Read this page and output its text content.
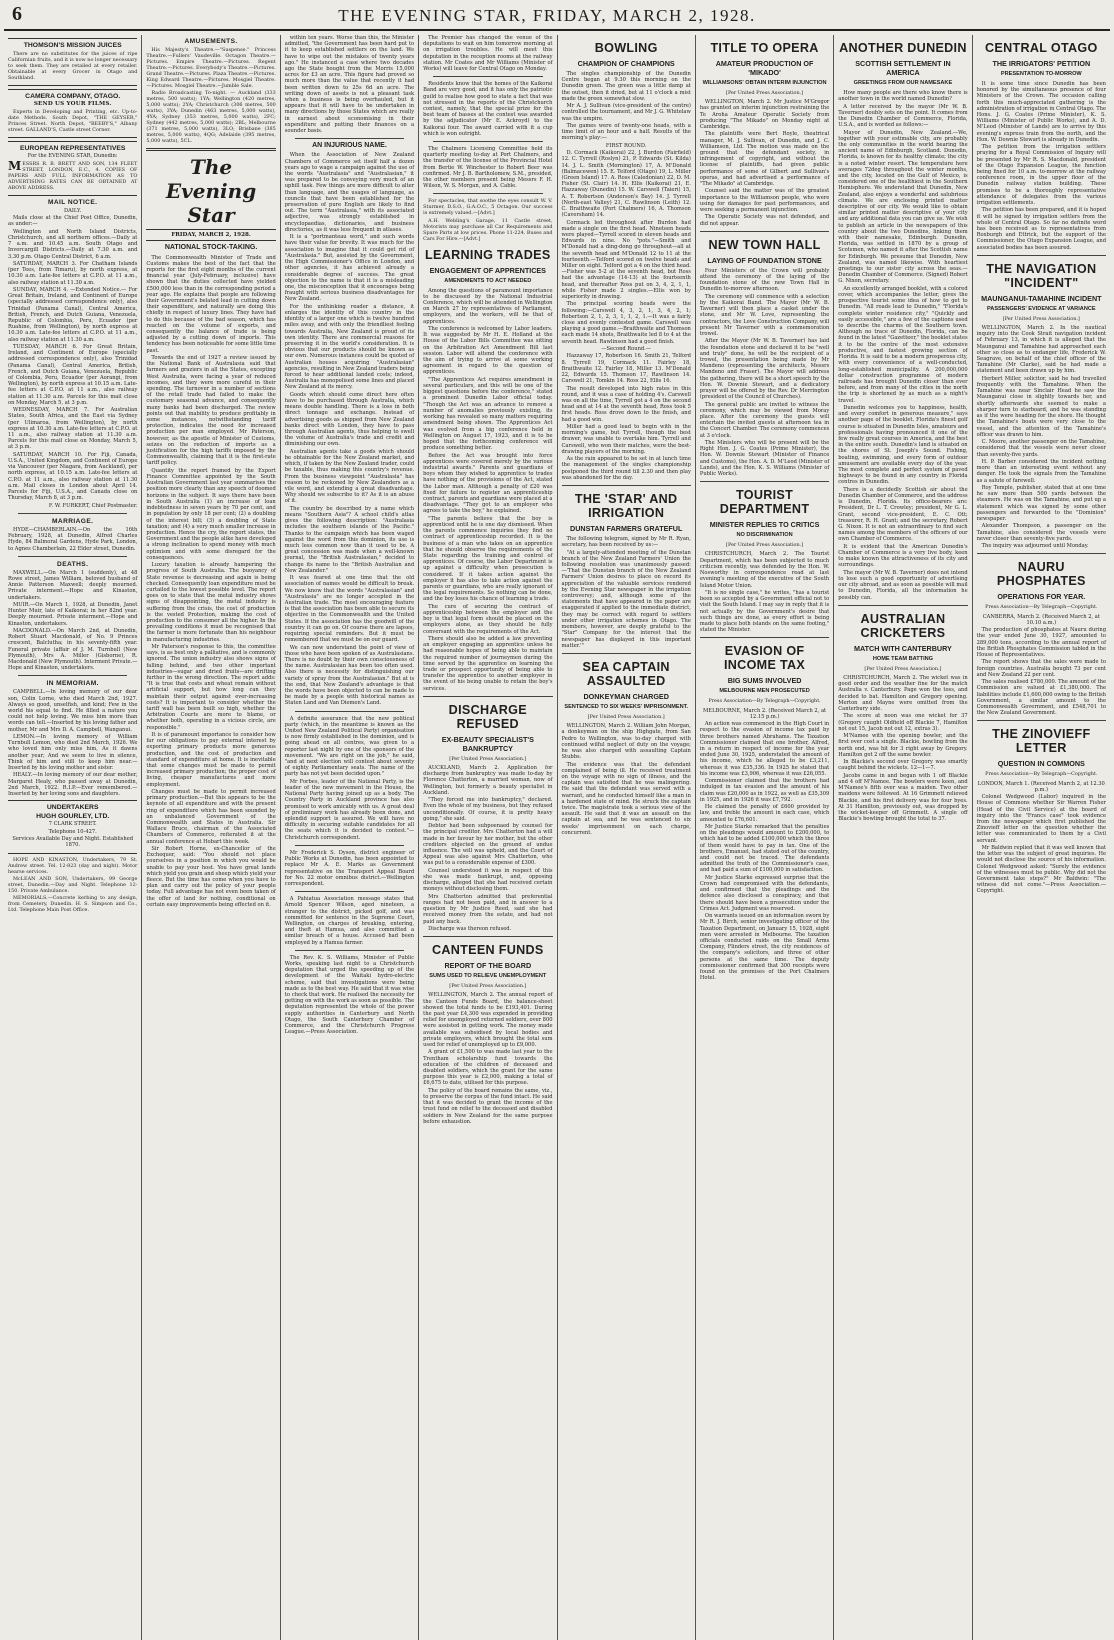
6	THE EVENING STAR, FRIDAY, MARCH 2, 1928.
THOMSON'S MISSION JUICES

There are no substitutes for the juices of ripe Californian fruits, and it is now no longer necessary to seek them. They are retailed at every retailer. Obtainable at every Grocer in Otago and Southland.

CAMERA COMPANY, OTAGO.

SEND US YOUR FILMS.

Experts in Developing and Printing, etc. Up-to-date Methods. South Depot, "THE GEYSER," Princes Street. North Depot, "BEEBY'S," Albany street. GALLAND'S, Castle street Corner.

EUROPEAN REPRESENTATIVES

For the EVENING STAR, Dunedin:

MESSRS R. B. BRETT AND SON, 134 FLEET STREET, LONDON, E.C., 4. COPIES OF PAPERS AND FULL INFORMATION AS TO ADVERTISING RATES CAN BE OBTAINED AT ABOVE ADDRESS.

MAIL NOTICE.

DAILY.

Mails close at the Chief Post Office, Dunedin, as under:—

Wellington and North Island Districts, Christchurch, and all northern offices.—Daily at 7 a.m. and 10.45 a.m. South Otago and Invercargill Districts.—Daily at 7.30 a.m. and 3.30 p.m. Otago Central District, 6 a.m.

SATURDAY, MARCH 3. For Chatham Islands (per Tees, from Timaru), by north express, at 10.30 a.m. Late-fee letters at C.P.O. at 11 a.m., also railway station at 11.30 a.m.

SUNDAY, MARCH 4. —Extended Notice.— For Great Britain, Ireland, and Continent of Europe (specially addressed correspondence only), also Trinidad (Panama Canal), Central America, British, French, and Dutch Guiana, Venezuela, Republic of Colombia, Peru, Ecuador (per Ruahine, from Wellington), by north express at 10.30 a.m. Late-fee letters at C.P.O. at 11 a.m., also railway station at 11.30 a.m.

TUESDAY, MARCH 6. For Great Britain, Ireland, and Continent of Europe (specially addressed correspondence only), also Trinidad (Panama Canal), Central America, British, French, and Dutch Guiana, Venezuela, Republic of Colombia, Peru, Ecuador (per Aorangi, from Wellington), by north express at 10.15 a.m. Late-fee letters at C.P.O. at 11 a.m., also railway station at 11.30 a.m. Parcels for this mail close on Monday, March 5, at 3 p.m.

WEDNESDAY, MARCH 7. For Australian States, South Africa, and the East via Sydney (per Ulimaroa, from Wellington), by north express at 10.30 a.m. Late-fee letters at C.P.O. at 11 a.m., also railway station at 11.30 a.m. Parcels for this mail close on Monday, March 5, at 3 p.m.

SATURDAY, MARCH 10. For Fiji, Canada, U.S.A., United Kingdom, and Continent of Europe via Vancouver (per Niagara, from Auckland), per north express, at 10.15 a.m. Late-fee letters at C.P.O. at 11 a.m., also railway station at 11.30 a.m. Mail closes in London about April 14. Parcels for Fiji, U.S.A., and Canada close on Thursday, March 8, at 3 p.m.

F. W. FURKERT, Chief Postmaster.

MARRIAGE.

HYDE—CHAMBERLAIN.—On the 16th February, 1928, at Dunedin, Alfred Charles Hyde, 84 Balmoral Gardens, Hyde Park, London, to Agnes Chamberlain, 22 Elder street, Dunedin.

DEATHS.

MAXWELL.—On March 1 (suddenly), at 48 Rowe street, James William, beloved husband of Annie Patterson Maxwell; deeply mourned. Private interment.—Hope and Kinaston, undertakers.

MUIR.—On March 1, 1928, at Dunedin, Janet Hunter Muir, late of Kaikorai; in her 82nd year. Deeply mourned. Private interment.—Hope and Kinaston, undertakers.

MACDONALD.—On March 2nd, at Dunedin, Robert Stuart Macdonald, of No. 9 Princes crescent, Balclutha; in his seventy-fifth year. Funeral private (affair of J. M. Turnbull (New Plymouth), Mrs A. Miller (Gisborne), R. Macdonald (New Plymouth). Interment Private.—Hope and Kinaston, undertakers.

IN MEMORIAM.

CAMPBELL.—In loving memory of our dear son, Colin Lorne, who died March 2nd, 1927. Always so good, unselfish, and kind; Few in the world his equal to find. He filled a nature you could not help loving. We miss him more than words can tell.—Inserted by his loving father and mother, Mr and Mrs D. A. Campbell, Wanganui.

LEMON.—In loving memory of William Turnbull Lemon, who died 2nd March, 1926. We who loved him only miss him, As it dawns another year; And we seem to live in silence, Think of him and still to keep him near.—Inserted by his loving mother and sister.

HEALY.—In loving memory of our dear mother, Margaret Healy, who passed away at Dunedin, 2nd March, 1922. R.I.P.—Ever remembered.—Inserted by her loving sons and daughters.

UNDERTAKERS
HUGH GOURLEY, LTD.

7 CLARK STREET.

Telephone 10-427.

Services Available Day and Night. Established 1870.

HOPE AND KINASTON, Undertakers, 79 St. Andrew street. Tel. 12-823 (day and night). Motor hearse services.

McLEAN AND SON, Undertakers, 99 George street, Dunedin.—Day and Night. Telephone 12-150. Private Ambulance.

MEMORIALS.—Concrete kerbing to any design, from Cemetery, Dunedin. H. S. Simpson and Co., Ltd. Telephone Main Post Office.

AMUSEMENTS.

His Majesty's Theatre.—"Suspense." Princess Theatre.—Fullers' Vaudeville. Octagon Theatre.—Pictures. Empire Theatre.—Pictures. Regent Theatre.—Pictures. Everybody's Theatre.—Pictures. Grand Theatre.—Pictures. Plaza Theatre.—Pictures. King Edward Theatre.—Pictures. Mosgiel Theatre.—Pictures. Mosgiel Theatre.—Jumble Sale.

Radio Broadcasting To-night. — Auckland (333 metres, 500 watts); 1YA; Wellington (420 metres, 5,000 watts); 2YA; Christchurch (306 metres, 500 watts), 3YA; Dunedin (463 metres, 5,000 watts), 4YA; Sydney (353 metres, 5,000 watts), 2FC; Sydney (442 metres, 5,000 watts); 2BL; Melbourne (371 metres, 5,000 watts), 3LO; Brisbane (385 metres, 5,000 watts), 4QG; Adelaide (395 metres, 5,000 watts), 5CL.

The Evening Star
FRIDAY, MARCH 2, 1928.
NATIONAL STOCK-TAKING.

The Commonwealth Minister of Trade and Customs makes the best of the fact that the reports for the first eight months of the current financial year (July-February, inclusive) have shown that the duties collected have yielded £500,000 less than in the corresponding period a year ago. He explains that people are following their Government's belated lead in cutting down their expenditure, and naturally are doing this chiefly in respect of luxury lines. They have had to do this because of the bad season, which has reacted on the volume of exports, and consequently the balance of trade is being adjusted by a cutting down of imports. This tendency has been noticeable for some little time past.

Towards the end of 1927 a review issued by the National Bank of Australasia said that farmers and graziers in all the States, excepting West Australia, were facing a year of reduced incomes, and they were more careful in their spending. The turnover in a number of sections of the retail trade had failed to make the customary seasonal advance, and consequently many banks had been discharged. The review points out that inability to produce profitably in some instances, notwithstanding tariff protection, indicates the need for increased production per man employed. Mr Paterson, however, as the apostle of Minister of Customs, seizes on the reduction of imports as a justification for the high tariffs imposed by the Commonwealth, claiming that it is the first-rate tariff policy.

Quantity the report framed by the Export Finance Committee appointed by the South Australian Government last year summarises the position more clearly than any speech of doomed horizons in the subject. It says there have been in South Australia (1) an increase of loan indebtedness in seven years by 70 per cent, and in population by only 18 per cent; (2) a doubling of the interest bill; (3) a doubling of State taxation; and (4) a very much smaller increase in production. Hence the cry, the report states, the Government and the people alike have developed a strong inclination to spend money with much optimism and with some disregard for the consequences.

Luxury taxation is already hampering the progress of South Australia. The buoyancy of State revenue is decreasing and again is being checked. Consequently loan expenditure must be curtailed to the lowest possible level. The report goes on to state that the metal industry shows signs of disappointing, the metal industry is suffering from the crisis, the cost of production is the vested Protection, making the cost of production to the consumer all the higher. In the prevailing conditions it must be recognised that the farmer is more fortunate than his neighbour in manufacturing industries.

Mr Paterson's response to this, the committee says, is as best only a palliative, and is commonly ignored. The union industry also shows signs of falling behind, and two other important industries—sugar and dried fruits—are drifting further in the wrong direction. The report adds: "It is true that costs and wheat remain without artificial support, but how long can they maintain their output against ever-increasing costs? It is important to consider whether the tariff wall has been built so high, whether the Arbitration Courts are more to blame, or whether both, operating in a vicious circle, are responsible."

It is of paramount importance to consider how far our obligations to pay external interest by exporting primary products more generous production, and the cost of production and standard of expenditure at home. It is inevitable that some changes must be made to permit increased primary production; the proper cost of living, cheaper manufactures and more employment.

Changes must be made to permit increased primary production.—But this appears to be the keynote of all expenditure and with the present ring of expenditure which has been sounded by an unbalanced Government of the Commonwealth and States in Australia. Sir Wallace Bruce, chairman of the Associated Chambers of Commerce, reiterated it at the annual conference at Hobart this week.

Sir Robert Horne, ex-Chancellor of the Exchequer, said: "You should not place yourselves in a position in which you would be unable to pay your host. You have great lands which yield you grain and sheep which yield your fleece. But the time has come when you have to plan and carry out the policy of your people today. Full advantage has not even been taken of the offer of land for nothing, conditional on certain easy improvements being effected on it.

within ten years. Worse than this, the Minister admitted, "the Government has been hard put to it to keep established settlers on the land. We have to wipe out the mistakes of twenty years ago." He instanced a case where two decades ago the State bought from the Morris 15,000 acres for £3 an acre. This figure had proved so much more than the value that recently it had been written down to 25s 6d an acre. The writing down of assets is not a pleasant task when a business is being overhauled, but it appears that it will have to be undertaken in many directions by those States which are really in earnest about economising in their expenditure and putting their finances on a sounder basis.

AN INJURIOUS NAME.

When the Association of New Zealand Chambers of Commerce set itself half a dozen years ago to wage a campaign against the use of the words "Australasia" and "Australasian," it was prepared to be conveying very much of an uphill task. Few things are more difficult to alter than language, and the usages of language, as councils that have been established for the preservation of pure English are likely to find out. The term "Australasia," with its associated adjective, was strongly established in encyclopaedias, dictionaries, and business directories, as it was less frequent in atlases.

It is a "portmanteau word," and such words have their value for brevity. It was much for the association to imagine that it could get rid of "Australasia." But, assisted by the Government, the High Commissioner's Office in London, and other agencies, it has achieved already a considerable degree of success. The great objection to the name is that it is a misleading one, the misconception that it encourages being fraught with serious business disadvantages for New Zealand.

For the unthinking reader a distance, it enlarges the identity of this country in the identity of a larger one which is twelve hundred miles away, and with only the friendliest feeling towards Australia, New Zealand is proud of its own identity. There are commercial reasons for preserving it in the world's consideration. It is obvious that our products should be known as our own. Numerous instances could be quoted of Australian houses acquiring "Australasian" agencies, resulting in New Zealand traders being forced to hear additional landed costs; indeed, Australia has monopolised some lines and placed New Zealand at its mercy.

Goods which should come direct here often have to be purchased through Australia, which means double handling. There is a loss in both direct tonnage and exchange. Instead of advertising goods as shipped from New Zealand banks direct with London, they have to pass through Australian agents, thus helping to swell the volume of Australia's trade and credit and diminishing our own.

Australian agents take a goods which should be obtainable for the New Zealand market, and which, if taken by the New Zealand trader, could be taxable, thus making this country's revenue. From the business viewpoint "Australasia" has reason to be reckoned by New Zealanders as a vile word, and extending a great disadvantage. Why should we subscribe to it? As it is an abuse of it.

The country be described by a name which means "Southern Asia"? A school child's atlas gives the following description: "Australasia includes the southern islands of the Pacific." Thanks to the campaign which has been waged against the word from this dominion, its use is much less common now than it used to be. A great concession was made when a well-known journal, the "British Australasian," decided to change its name to the "British Australian and New Zealander."

It was feared at one time that the old association of names would be difficult to break. We now know that the words "Australasian" and "Australasia" are no longer accepted in the Australian trade. The most encouraging feature is that the association has been able to secure its objective in the Commonwealth and the United States. If the association has the goodwill of the country it can go on. Of course there are lapses, requiring special reminders. But it must be remembered that we must be on our guard.

We can now understand the point of view of those who have been spoken of as Australasians. There is no doubt by their own consciousness of the name. Australasian has been too often used. Also there is necessity for distinguishing our variety of spray from the Australasian." But at is the end, that New Zealand's advantage is that the words have been objected to can be made to be made by a people with historical names as Staten Land and Van Diemen's Land.

A definite assurance that the new political party (which, in the meantime is known as the United New Zealand Political Party) organisation is now firmly established in the dominion, and is going ahead on all centres, was given to a reporter last night by one of the sponsors of the movement. "We are right on the job," he said, "and at next election will contest about seventy of eighty Parliamentary seats. The name of the party has not yet been decided upon."

Mr Forbes, leader of the National Party, is the leader of the new movement in the House, the National Party having joined up as a body. The Country Party in Auckland province has also promised to work amicably with us. A great deal of preliminary work has already been done, and splendid support is assured. We will have no difficulty in securing suitable candidates for all the seats which it is decided to contest."—Christchurch correspondent.

Mr Frederick S. Dyson, district engineer of Public Works at Dunedin, has been appointed to replace Mr A. E. Marks as Government representative on the Transport Appeal Board for No. 22 motor omnibus district.—Wellington correspondent.

A Pahiatua Association message states that Arnold Spencer Wilson, aged nineteen, a stranger to the district, picked golf, and was committed for sentence in the Supreme Court, Wellington, on charges of breaking, entering, and theft at Hamua, and also committed a similar breach of a house. Accused had been employed by a Hamua farmer.

The Rev. K. S. Williams, Minister of Public Works, speaking last night to a Christchurch deputation that urged the speeding up of the development of the Waitaki hydro-electric scheme, said that investigations were being made as to the best way. He said that it was wise to check that work. He realised the necessity for getting on with the work as soon as possible. The deputation represented the whole of the power supply authorities in Canterbury and North Otago, the South Canterbury Chamber of Commerce, and the Christchurch Progress League.—Press Association.

The Premier has changed the venue of the deputations to wait on him tomorrow morning at on irrigation troubles. He will meet this deputation in the reception rooms at the railway station. Mr Coates and Mr Williams (Minister of Works) will leave for Central Otago on Monday.

Residents know that the homes of the Kaikorai Band are very good, and it has only the patriotic guild to realise how good to state a fact that was not stressed in the reports of the Christchurch contest, namely, that the special prize for the best team of basses at the contest was awarded by the adjudicator (Mr E. Ackroyd) to the Kaikorai four. The award carried with it a cup which is won outright.

The Chalmers Licensing Committee held its quarterly meeting to-day at Port Chalmers, and the transfer of the license of the Provincial Hotel from Bertie W. Winchester to Robert Beer was confirmed. Mr J. B. Bartholomew, S.M., presided, the other members present being Messrs F. H. Wilson, W. S. Morgan, and A. Cable.

For spectacles, that soothe the eyes consult W. V. Sturmer, D.S.O., G.A.O.C., 5 Octagon. Our success is extremely valued.—[Advt.]

A.H. Webling's Garage, 11 Castle street, Motorists may purchase all Car Requirements and Spare Parts at low prices. Phone 11-224. Buses and Cars For Hire.—[Advt.]

LEARNING TRADES
ENGAGEMENT OF APPRENTICES
AMENDMENTS TO ACT NEEDED

Among the questions of paramount importance to be discussed by the National Industrial Conference, which will be attended in Wellington on March 27 by representatives of Parliament, employers, and the workers, will be that of apprentices.

The conference is welcomed by Labor leaders. It was suggested by Mr H. E. Holland at the House of the Labor Bills Committee was sitting on the Arbitration Act Amendment Bill last session. Labor will attend the conference with the aim of trying to arrive at some working agreement in regard to the question of apprentices.

"The Apprentices Act requires amendment in several particulars, and this will be one of the biggest questions before the conference," stated a prominent Dunedin Labor official today. "Though the Act was an advance to remove a number of anomalies previously existing, its working has revealed so many matters requiring amendment being shown. The Apprentices Act was evolved from a big conference held in Wellington on August 17, 1923, and it is to be hoped that the forthcoming conference will produce something better.

Before the Act was brought into force apprentices were covered merely by the various industrial awards." Parents and guardians of boys whom they wished to apprentice to trades have nothing of the provisions of the Act, stated the Labor man. Although a penalty of £20 was fixed for failure to register an apprenticeship contract, parents and guardians were placed at a disadvantage. "They got to an employer who agrees to take the boy," he explained.

"The parents believe that the boy is apprenticed until he is one day dismissed. When the parents commence inquiries they find no contract of apprenticeship recorded. It is the business of a man who takes on an apprentice that he should observe the requirements of the State regarding the training and control of apprentices. Of course, the Labor Department is up against a difficulty when prosecution is considered. If it takes action against the employer it has also to take action against the parents or guardians, who are really ignorant of the legal requirements. So nothing can be done, and the boy loses his chance of learning a trade.

The cure of securing the contract of apprenticeship between the employer and the boy is that legal form should be placed on the employers alone, as they should be fully conversant with the requirements of the Act.

There should also be added a law preventing an employer engaging an apprentice unless he had reasonable hopes of being able to maintain the required number of journeymen during the time served by the apprentice on learning the trade or prospect opportunity of being able to transfer the apprentice to another employer in the event of his being unable to retain the boy's services.

DISCHARGE REFUSED
EX-BEAUTY SPECIALIST'S BANKRUPTCY

[Per United Press Association.]

AUCKLAND, March 2. Application for discharge from bankruptcy was made to-day by Florence Chatterton, a married woman, now of Wellington, but formerly a beauty specialist in Auckland.

"They forced me into bankruptcy," declared. Even the whole of my business, but they refused unconditionally. Of course, it is pretty heavy going," she said.

Debtor had been subpoenaed by counsel for the principal creditor. Mrs Chatterton had a will made in her favour by her mother, but the other creditors objected on the ground of undue influence. The will was upheld, and the Court of Appeal was also against Mrs Chatterton, who was put to a considerable expense of £300.

Counsel understood it was in respect of this she was made bankrupt, and, opposing discharge, alleged that she had received certain moneys without disclosing them.

Mrs Chatterton admitted that preferential ranges had not been paid, and in answer to a question by Mr Justice Reed, said she had received money from the estate, and had not paid any back.

Discharge was thereon refused.

CANTEEN FUNDS
REPORT OF THE BOARD
SUMS USED TO RELIEVE UNEMPLOYMENT

[Per United Press Association.]

WELLINGTON, March 2. The annual report of the Canteen Funds Board, the balance-sheet showed the total funds to be £193,401. During the past year £4,300 was expended in providing relief for unemployed returned soldiers, over 800 were assisted in getting work. The money made available was subsidised by local bodies and private employers, which brought the total sum used for relief of unemployed up to £9,000.

A grant of £1,500 to was made last year to the Trentham scholarship fund towards the education of the children of deceased and disabled soldiers, which the grant for the same purpose this year is £2,000, making a total of £6,675 to date, utilised for this purpose.

The policy of the board remains the same, viz., to preserve the corpus of the fund intact. He said that it was decided to grant the income of the trust fund on relief to the deceased and disabled soldiers in New Zealand for the same purpose before exhaustion.

BOWLING
CHAMPION OF CHAMPIONS

The singles championship of the Dunedin Centre began at 9.30 this morning on the Dunedin green. The green was a little damp at the outset, then it dried, but at 11 o'clock a mist made the green somewhat slow.

Mr A. J. Sullivan (vice-president of the centre) controlled the tournament, and Mr J. G. Whitelaw was the umpire.

The games were of twenty-one heads, with a time limit of an hour and a half. Results of the morning's play:—

FIRST ROUND.

D. Cormack (Kaikorai) 22, J. Burdon (Fairfield) 12. C. Tyrrell (Roslyn) 21, P. Edwards (St. Kilda) 14. J. L. Smith (Mornington) 17, A. M'Donald (Balmacewen) 15. E. Telford (Otago) 19, L. Miller (Green Island) 17. A. Ross (Caledonian) 22, D. M. Fisher (St. Clair) 14. H. Ellis (Kaikorai) 21, E. Hazzaway (Dunedin) 15. W. Carswell (Taieri) 15, A. T. Robertson (Anderson's Bay) 14. J. Tyrrell (North-east Valley) 21, C. Rawlinson (Leith) 12. C. Braithwaite (Port Chalmers) 16, A. Thomson (Caversham) 14.

Cormack led throughout after Burdon had made a single on the first head. Nineteen heads were played—Tyrrell scored in eleven heads and Edwards in nine. No "pots."—Smith and M'Donald had a ding-dong go throughout—all at the seventh head and M'Donald 12 to 11 at the fourteenth.—Telford scored on twelve heads and Miller on eight. Telford got a 4 on the third head.—Fisher was 5-2 at the seventh head, but Ross had the advantage (14-13) at the fourteenth head, and thereafter Ross put on 3, 4, 2, 1, 1, while Fisher made 2 singles.—Ellis won by superiority in drawing.

The principal scoring heads were the following:—Carswell 4, 3, 2, 1, 3, 4, 2, 1; Robertson 2, 1, 2, 3, 1, 1, 2, 1.—It was a fairly close and evenly contested game. Carswell was playing a good game.—Braithwaite and Thomson each made 14 shots, Braithwaite led 8 to 4 at the seventh head. Rawlinson had a good finish.

—Second Round.—

Hazzaway 17, Robertson 16. Smith 21, Telford 8. Tyrrell 19, Cormack 11. Fairley 18, Braithwaite 12. Fairley 18, Miller 13. M'Donald 22, Edwards 15. Thomson 17, Rawlinson 14. Carswell 21, Tomkin 14. Ross 22, Ellis 16.

The result developed into high rates in this round, and it was a case of holding 4's. Carswell was on all the time, Tyrrell got a 4 on the second head and at 14 at the seventh head, Ross took 5 first heads. Ross drove down to the finish, and had a good win.

Miller had a good lead to begin with in the morning's game, but Tyrrell, though the best drawer, was unable to overtake him. Tyrrell and Carswell, who won their matches, were the best-drawing players of the morning.

As the rain appeared to be set in at lunch time the management of the singles championship postponed the third round till 2.30 and then play was abandoned for the day.

THE 'STAR' AND IRRIGATION
DUNSTAN FARMERS GRATEFUL

The following telegram, signed by Mr R. Ryan, secretary, has been received by us:—

"At a largely-attended meeting of the Dunstan branch of the New Zealand Farmers' Union the following resolution was unanimously passed:—'That the Dunstan branch of the New Zealand Farmers' Union desires to place on record its appreciation of the valuable services rendered by the Evening Star newspaper in the irrigation controversy; and, although some of the statements that have appeared in the paper are exaggerated if applied to the immediate district, they may be correct with regard to settlers under other irrigation schemes in Otago. The members, however, are deeply grateful to the "Star" Company for the interest that the newspaper has displayed in this important matter.'"

SEA CAPTAIN ASSAULTED
DONKEYMAN CHARGED
SENTENCED TO SIX WEEKS' IMPRISONMENT.

[Per United Press Association.]

WELLINGTON, March 2. William John Morgan, a donkeyman on the ship Highgate, from San Pedro to Wellington, was to-day charged with continued wilful neglect of duty on the voyage; he was also charged with assaulting Captain Stubbs.

The evidence was that the defendant complained of being ill. He received treatment on the voyage with no sign of illness, and the captain was satisfied that he was malingering. He said that the defendant was served with a warrant, and he conducted himself like a man in a hardened state of mind. He struck the captain twice. The magistrate took a serious view of the assault. He said that it was an assault on the captain at sea, and he was sentenced to six weeks' imprisonment on each charge, concurrent.

TITLE TO OPERA
AMATEUR PRODUCTION OF 'MIKADO'
WILLIAMSONS' OBTAIN INTERIM INJUNCTION

[Per United Press Association.]

WELLINGTON, March 2. Mr Justice M'Gregor has granted an interim injunction restraining the Te Aroha Amateur Operatic Society from producing "The Mikado" on Monday night at Cambridge.

The plaintiffs were Bert Royle, theatrical manager, M. J. Sullivan, of Dunedin, and J. C. Williamson, Ltd. The motion was made on the ground that the defendant society, in infringement of copyright, and without the license of plaintiffs, had given public performance of some of Gilbert and Sullivan's operas, and had advertised a performance of "The Mikado" at Cambridge.

Counsel said the matter was of the greatest importance to the Williamson people, who were using for damages for past performances, and were seeking a permanent injunction.

The Operatic Society was not defended, and did not appear.

NEW TOWN HALL
LAYING OF FOUNDATION STONE

Four Ministers of the Crown will probably attend the ceremony of the laying of the foundation stone of the new Town Hall in Dunedin to-morrow afternoon.

The ceremony will commence with a selection by the Kaikorai Band. The Mayor (Mr W. B. Taverner) will then place a casket under the stone, and Mr W. Love, representing the contractors, the Love Construction Company, will present Mr Taverner with a commemoration trowel.

After the Mayor (Mr W. B. Taverner) has laid the foundation stone and declared it to be "well and truly" done, he will be the recipient of a trowel, the presentation being made by Mr Mandeno (representing the architects, Messrs Mandeno and Fraser). The Mayor will address the gathering, there will be a short speech by the Hon. W. Downie Stewart, and a dedicatory prayer will be offered by the Rev. Dr Merrington (president of the Council of Churches).

The general public are invited to witness the ceremony, which may be viewed from Moray place. After the ceremony the guests will entertain the invited guests at afternoon tea in the Concert Chamber. The ceremony commences at 3 o'clock.

The Ministers who will be present will be the Right Hon. J. G. Coates (Prime Minister), the Hon. W. Downie Stewart (Minister of Finance and Customs), the Hon. A. D. M'Leod (Minister of Lands), and the Hon. K. S. Williams (Minister of Public Works).

TOURIST DEPARTMENT
MINISTER REPLIES TO CRITICS
NO DISCRIMINATION

[Per United Press Association.]

CHRISTCHURCH, March 2. The Tourist Department, which has been subjected to much criticism recently, was defended by the Hon. W. Nosworthy in correspondence read at last evening's meeting of the executive of the South Island Motor Union.

"It is no single case," he writes, "has a tourist been so accepted by a Government official not to visit the South Island. I may say in reply that it is not actually by the Government's desire that such things are done, as every effort is being made to place both islands on the same footing," stated the Minister.

EVASION OF INCOME TAX
BIG SUMS INVOLVED
MELBOURNE MEN PROSECUTED

Press Association—By Telegraph—Copyright.

MELBOURNE, March 2. (Received March 2, at 12.15 p.m.)

An action was commenced in the High Court in respect to the evasion of income tax paid by three brothers named Abrahams. The Taxation Commissioner claimed that one brother, Alfred, in a return in respect of income for the year ended June 30, 1925, understated the amount of his income, which he alleged to be £3,211, whereas it was £35,336. In 1925 he stated that his income was £3,906, whereas it was £26,055.

Commissioner claimed that the brothers had indulged in tax evasion and the amount of his claim was £20,000 as in 1922, as well as £35,309 in 1925, and in 1926 it was £7,792.

He claimed the penalty of £600 provided by law, and treble the amount in each case, which amounted to £76,601.

Mr Justice Starke remarked that the penalties on the pleadings would amount to £200,000, to which had to be added £100,000 which the three of them would have to pay in tax. One of the brothers, Emanuel, had stated out of the country, and could not be traced. The defendants admitted the truth of the Commissioner's case, and had paid a sum of £100,000 in satisfaction.

Mr Justice Starke expressed surprise that the Crown had compromised with the defendants, and confirmed that the pleadings and the defence also disclosed a conspiracy, and that there should have been a prosecution under the Crimes Act. Judgment was reserved.

On warrants issued on an information sworn by Mr R. J. Birch, senior investigating officer of the Taxation Department, on January 15, 1928, eight men were arrested in Melbourne. The taxation officials conducted raids on the Small Arms Company, Flinders street, the city residences of the company's solicitors, and three of other persons at the same time. The deputy commissioner confirmed that 300 receipts were found on the premises of the Port Chalmers Hotel.

ANOTHER DUNEDIN
SCOTTISH SETTLEMENT IN AMERICA
GREETINGS FROM OUR NAMESAKE

How many people are there who know there is another town in the world named Dunedin?

A letter received by the mayor (Mr W. B. Taverner) doubly sets on the point. It comes from the Dunedin Chamber of Commerce, Florida, U.S.A., and is worded as follows:—

Mayor of Dunedin, New Zealand.—We, together with your estimable city, are probably the only communities in the world bearing the ancient name of Edinburgh, Scotland. Dunedin, Florida, is known for its healthy climate; the city is a noted winter resort. The temperature here averages 72deg throughout the winter months, and the city, located on the Gulf of Mexico, is considered one of the healthiest in the Southern Hemisphere. We understand that Dunedin, New Zealand, also enjoys a wonderful and salubrious climate. We are enclosing printed matter descriptive of our city. We would like to obtain similar printed matter descriptive of your city and any additional data you can give us. We wish to publish an article in the newspapers of this country about the two Dunedins, linking them with their namesake, Edinburgh. Dunedin, Florida, was settled in 1870 by a group of Scotsmen, who named it after the Scottish name for Edinburgh. We presume that Dunedin, New Zealand, was named likewise. With heartiest greetings to our sister city across the seas.—Dunedin Chamber of Commerce. (Signed) Robert G. Nixon, secretary.

An excellently arranged booklet, with a colored cover, which accompanies the letter, gives the prospective tourist some idea of how to get to Dunedin. "All roads lead to Dunedin," "Florida's complete winter residence city," "Quickly and easily accessible," are a few of the captions used to describe the charms of the Southern town. Although no trace of Dunedin, Florida, can be found in the latest "Gazetteer," the booklet states it to be the centre of the most extensive productive, and fastest growing section of Florida. It is said to be a modern prosperous city, with every convenience of a well-conducted, long-established municipality. A 200,000,000 dollar construction programme of modern railroads has brought Dunedin closer than ever before, and from many of the cities in the north the trip is shortened by as much as a night's travel.

Dunedin welcomes you to happiness, health, and every comfort in generous measure," says another page of the booklet. Florida's finest golf course is situated in Dunedin Isles, amateurs and professionals having pronounced it one of the few really great courses in America, and the best in the entire south. Dunedin's land is situated on the shores of St. Joseph's Sound. Fishing, boating, swimming, and every form of outdoor amusement are available every day of the year. The most complete and perfect system of paved highways to be found in any country in Florida centres in Dunedin.

There is a decidedly Scottish air about the Dunedin Chamber of Commerce, and the address is Dunedin, Florida. Its office-bearers are: President, Dr L. T. Crowley; president, Mr G. L. Grant, second vice-president, E. C. Ott; treasurer, R. H. Grant; and the secretary, Robert G. Nixon. It is not an extraordinary to find such names among the members of the officers of our own Chamber of Commerce.

It is evident that the American Dunedin's Chamber of Commerce is a very live body, keen to make known the attractiveness of its city and surroundings.

The mayor (Mr W. B. Taverner) does not intend to lose such a good opportunity of advertising our city abroad, and as soon as possible will mail to Dunedin, Florida, all the information he possibly can.

AUSTRALIAN CRICKETERS
MATCH WITH CANTERBURY
HOME TEAM BATTING

[Per United Press Association.]

CHRISTCHURCH, March 2. The wicket was in good order and the weather fine for the match Australia v. Canterbury. Page won the toss, and decided to bat. Hamilton and Gregory opening. Merton and Mayne were omitted from the Canterbury side.

The score at noon was one wicket for 37 (Gregory caught Oldfield off Blackie 7, Hamilton not out 15, Jacob not out 12, extras 3).

M'Namee with the opening bowler, and the first over cost a single. Blackie, bowling from the north end, was hit for 3 right away by Gregory. Hamilton got 2 off the same bowler.

In Blackie's second over Gregory was smartly caught behind the wickets. 12—1—7.

Jacobs came in and began with 1 off Blackie and 4 off M'Namee. The bowlers were keen, and M'Namee's fifth over was a maiden. Two other maidens were followed. At 16 Grimmett relieved Blackie, and his first delivery was for four byes. At 31 Hamilton, previously out, was dropped by the wicket-keeper off Grimmett. A single off Blackie's bowling brought the total to 37.

CENTRAL OTAGO
THE IRRIGATORS' PETITION
PRESENTATION TO-MORROW

It is some time since Dunedin has been honored by the simultaneous presence of four Ministers of the Crown. The occasion calling forth this much-appreciated gathering is the administration of irrigation in Central Otago. The Hons. J. G. Coates (Prime Minister), K. S. Williams (Minister of Public Works), and A. D. M'Leod (Minister of Lands) are to arrive by this evening's express train from the north, and the Hon. W. Downie Stewart is already in Dunedin.

The petition from the irrigation settlers praying for a Royal Commission of Inquiry will be presented by Mr R. S. Macdonald, president of the Otago Expansion League, the function being fixed for 10 a.m. to-morrow at the railway conference room, in the upper floor of the Dunedin railway station building. These promises to be a thoroughly representative attendance of delegates from the various irrigation settlements.

The petition has been prepared, and it is hoped it will be signed by irrigation settlers from the whole of Central Otago. So far no definite word has been received as to representatives from Roxburgh and Ettrick, but the support of the Commissioner, the Otago Expansion League, and associated bodies has been assured.

THE NAVIGATION "INCIDENT"
MAUNGANUI-TAMAHINE INCIDENT
PASSENGERS' EVIDENCE AT VARIANCE

[Per United Press Association.]

WELLINGTON, March 2. In the nautical inquiry into the Cook Strait navigation incident of February 13, in which it is alleged that the Maunganui and Tamahine had approached each other so close as to endanger life, Frederick W. Seagrave, on behalf of the chief officer of the Tamahine (Mr Clarke), said he had made a statement and been drawn up by him.

Herbert Miller, solicitor, said he had travelled frequently with the Tamahine. When the Tamahine was near Sinclair Head he saw the Maunganui close in slightly towards her, and shortly afterwards she seemed to make a sharper turn to starboard, and he was standing as if the were heading for the shore. He thought the Tamahine's boats were very close to the vessel, and the attention of the Tamahine's officer was drawn to him.

C. Moore, another passenger on the Tamahine, considered that the vessels were never closer than seventy-five yards.

H. P. Barber considered the incident nothing more than an interesting event without any danger. He took the signals from the Tamahine as a salute of farewell.

Roy Temple, publisher, stated that at one time he saw more than 500 yards between the steamers. He was on the Tamahine, and put up a statement which was signed by some other passengers and forwarded to the "Dominion" newspaper.

Alexander Thompson, a passenger on the Tamahine, also considered the vessels were never closer than seventy-five yards.

The inquiry was adjourned until Monday.

NAURU PHOSPHATES
OPERATIONS FOR YEAR.

Press Association—By Telegraph—Copyright.

CANBERRA, March 2. (Received March 2, at 10.10 a.m.)

The production of phosphates at Nauru during the year ended June 30, 1927, amounted to 289,000 tons, according to the annual report of the British Phosphates Commission tabled in the House of Representatives.

The report shows that the sales were made to foreign countries. Australia bought 73 per cent and New Zealand 22 per cent.

The sales realised £780,000. The amount of the Commission are valued at £1,380,000. The liabilities include £1,600,000 owing to the British Government, a similar amount to the Commonwealth Government, and £548,701 to the New Zealand Government.

THE ZINOVIEFF LETTER
QUESTION IN COMMONS

Press Association—By Telegraph—Copyright.

LONDON, March 1. (Received March 2, at 12.30 p.m.)

Colonel Wedgwood (Labor) inquired in the House of Commons whether Sir Warren Fisher (Head of the Civil Service) at the board of inquiry into the "Francs case" took evidence from the newspaper which first published the Zinovieff letter on the question whether the letter was communicated to them by a Civil servant.

Mr Baldwin replied that it was well known that the letter was the subject of great inquiries. He would not disclose the source of his information. Colonel Wedgwood asked: "Surely the evidence of the witnesses must be public. Why did not the Government take steps?" Mr Baldwin: "The witness did not come."—Press Association.—Copyright.
